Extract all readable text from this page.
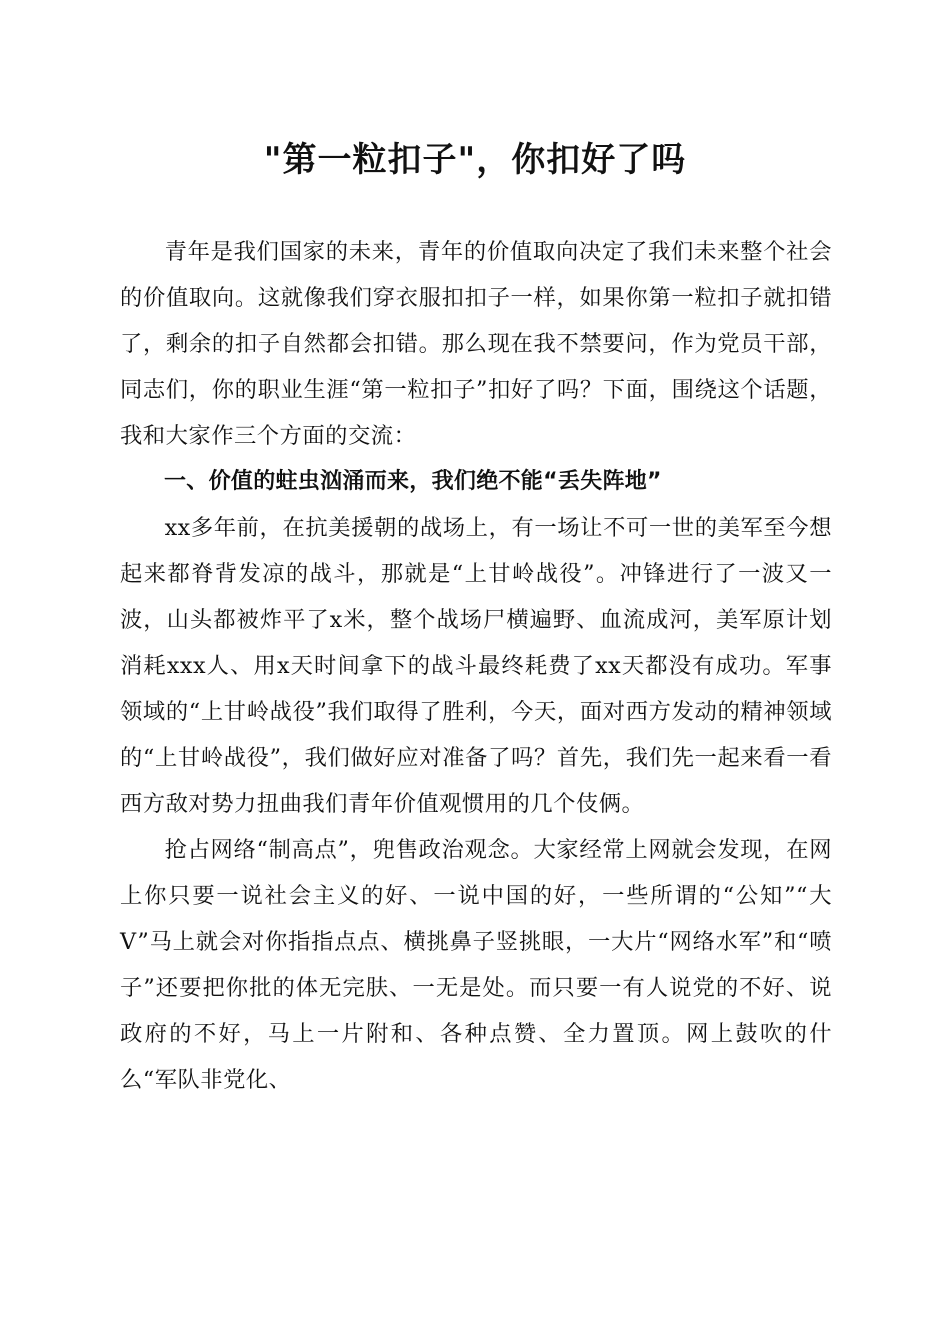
"第一粒扣子"，你扣好了吗

青年是我们国家的未来，青年的价值取向决定了我们未来整个社会的价值取向。这就像我们穿衣服扣扣子一样，如果你第一粒扣子就扣错了，剩余的扣子自然都会扣错。那么现在我不禁要问，作为党员干部，同志们，你的职业生涯“第一粒扣子”扣好了吗？下面，围绕这个话题，我和大家作三个方面的交流：

一、价值的蛀虫汹涌而来，我们绝不能“丢失阵地”

xx多年前，在抗美援朝的战场上，有一场让不可一世的美军至今想起来都脊背发凉的战斗，那就是“上甘岭战役”。冲锋进行了一波又一波，山头都被炸平了x米，整个战场尸横遍野、血流成河，美军原计划消耗xxx人、用x天时间拿下的战斗最终耗费了xx天都没有成功。军事领域的“上甘岭战役”我们取得了胜利，今天，面对西方发动的精神领域的“上甘岭战役”，我们做好应对准备了吗？首先，我们先一起来看一看西方敌对势力扭曲我们青年价值观惯用的几个伎俩。

抢占网络“制高点”，兜售政治观念。大家经常上网就会发现，在网上你只要一说社会主义的好、一说中国的好，一些所谓的“公知”“大V”马上就会对你指指点点、横挑鼻子竖挑眼，一大片“网络水军”和“喷子”还要把你批的体无完肤、一无是处。而只要一有人说党的不好、说政府的不好，马上一片附和、各种点赞、全力置顶。网上鼓吹的什么“军队非党化、
